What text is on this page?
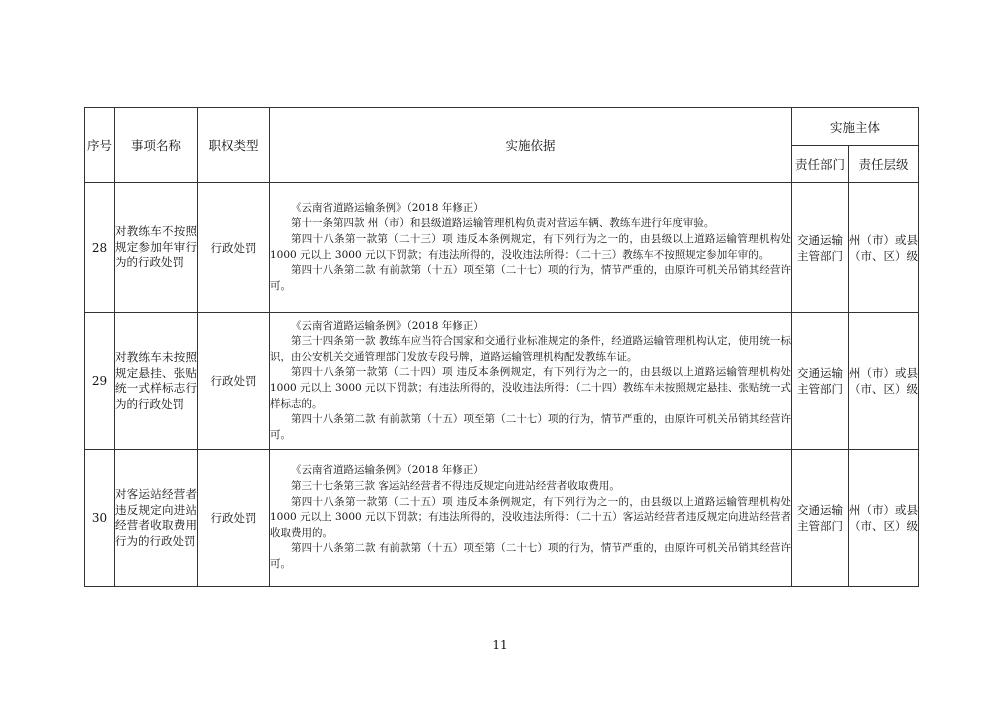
序号	事项名称	职权类型	实施依据	实施主体	
				责任部门	责任层级
28	对教练车不按照规定参加年审行为的行政处罚	行政处罚	《云南省道路运输条例》（2018 年修正）

第十一条第四款 州（市）和县级道路运输管理机构负责对营运车辆、教练车进行年度审验。

第四十八条第一款第（二十三）项 违反本条例规定，有下列行为之一的，由县级以上道路运输管理机构处 1000 元以上 3000 元以下罚款；有违法所得的，没收违法所得：（二十三）教练车不按照规定参加年审的。

第四十八条第二款 有前款第（十五）项至第（二十七）项的行为，情节严重的，由原许可机关吊销其经营许可。	交通运输主管部门	州（市）或县（市、区）级
29	对教练车未按照规定悬挂、张贴统一式样标志行为的行政处罚	行政处罚	《云南省道路运输条例》（2018 年修正）

第三十四条第一款 教练车应当符合国家和交通行业标准规定的条件，经道路运输管理机构认定，使用统一标识，由公安机关交通管理部门发放专段号牌，道路运输管理机构配发教练车证。

第四十八条第一款第（二十四）项 违反本条例规定，有下列行为之一的，由县级以上道路运输管理机构处 1000 元以上 3000 元以下罚款；有违法所得的，没收违法所得：（二十四）教练车未按照规定悬挂、张贴统一式样标志的。

第四十八条第二款 有前款第（十五）项至第（二十七）项的行为，情节严重的，由原许可机关吊销其经营许可。	交通运输主管部门	州（市）或县（市、区）级
30	对客运站经营者违反规定向进站经营者收取费用行为的行政处罚	行政处罚	《云南省道路运输条例》（2018 年修正）

第三十七条第三款 客运站经营者不得违反规定向进站经营者收取费用。

第四十八条第一款第（二十五）项 违反本条例规定，有下列行为之一的，由县级以上道路运输管理机构处 1000 元以上 3000 元以下罚款；有违法所得的，没收违法所得：（二十五）客运站经营者违反规定向进站经营者收取费用的。

第四十八条第二款 有前款第（十五）项至第（二十七）项的行为，情节严重的，由原许可机关吊销其经营许可。	交通运输主管部门	州（市）或县（市、区）级
11
